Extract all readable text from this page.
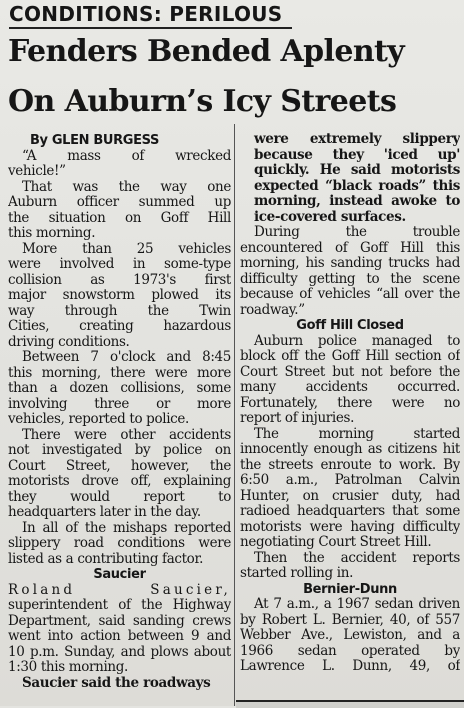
CONDITIONS: PERILOUS
Fenders Bended Aplenty
On Auburn’s Icy Streets
By GLEN BURGESS
“A mass of wrecked
vehicle!”
That was the way one
Auburn officer summed up
the situation on Goff Hill
this morning.
More than 25 vehicles
were involved in some-type
collision as 1973's first
major snowstorm plowed its
way through the Twin
Cities, creating hazardous
driving conditions.
Between 7 o'clock and 8:45
this morning, there were more
than a dozen collisions, some
involving three or more
vehicles, reported to police.
There were other accidents
not investigated by police on
Court Street, however, the
motorists drove off, explaining
they would report to
headquarters later in the day.
In all of the mishaps reported
slippery road conditions were
listed as a contributing factor.
Saucier
Roland Saucier,
superintendent of the Highway
Department, said sanding crews
went into action between 9 and
10 p.m. Sunday, and plows about
1:30 this morning.
Saucier said the roadways
were extremely slippery
because they 'iced up'
quickly. He said motorists
expected “black roads” this
morning, instead awoke to
ice-covered surfaces.
During the trouble
encountered of Goff Hill this
morning, his sanding trucks had
difficulty getting to the scene
because of vehicles “all over the
roadway.”
Goff Hill Closed
Auburn police managed to
block off the Goff Hill section of
Court Street but not before the
many accidents occurred.
Fortunately, there were no
report of injuries.
The morning started
innocently enough as citizens hit
the streets enroute to work. By
6:50 a.m., Patrolman Calvin
Hunter, on crusier duty, had
radioed headquarters that some
motorists were having difficulty
negotiating Court Street Hill.
Then the accident reports
started rolling in.
Bernier-Dunn
At 7 a.m., a 1967 sedan driven
by Robert L. Bernier, 40, of 557
Webber Ave., Lewiston, and a
1966 sedan operated by
Lawrence L. Dunn, 49, of
